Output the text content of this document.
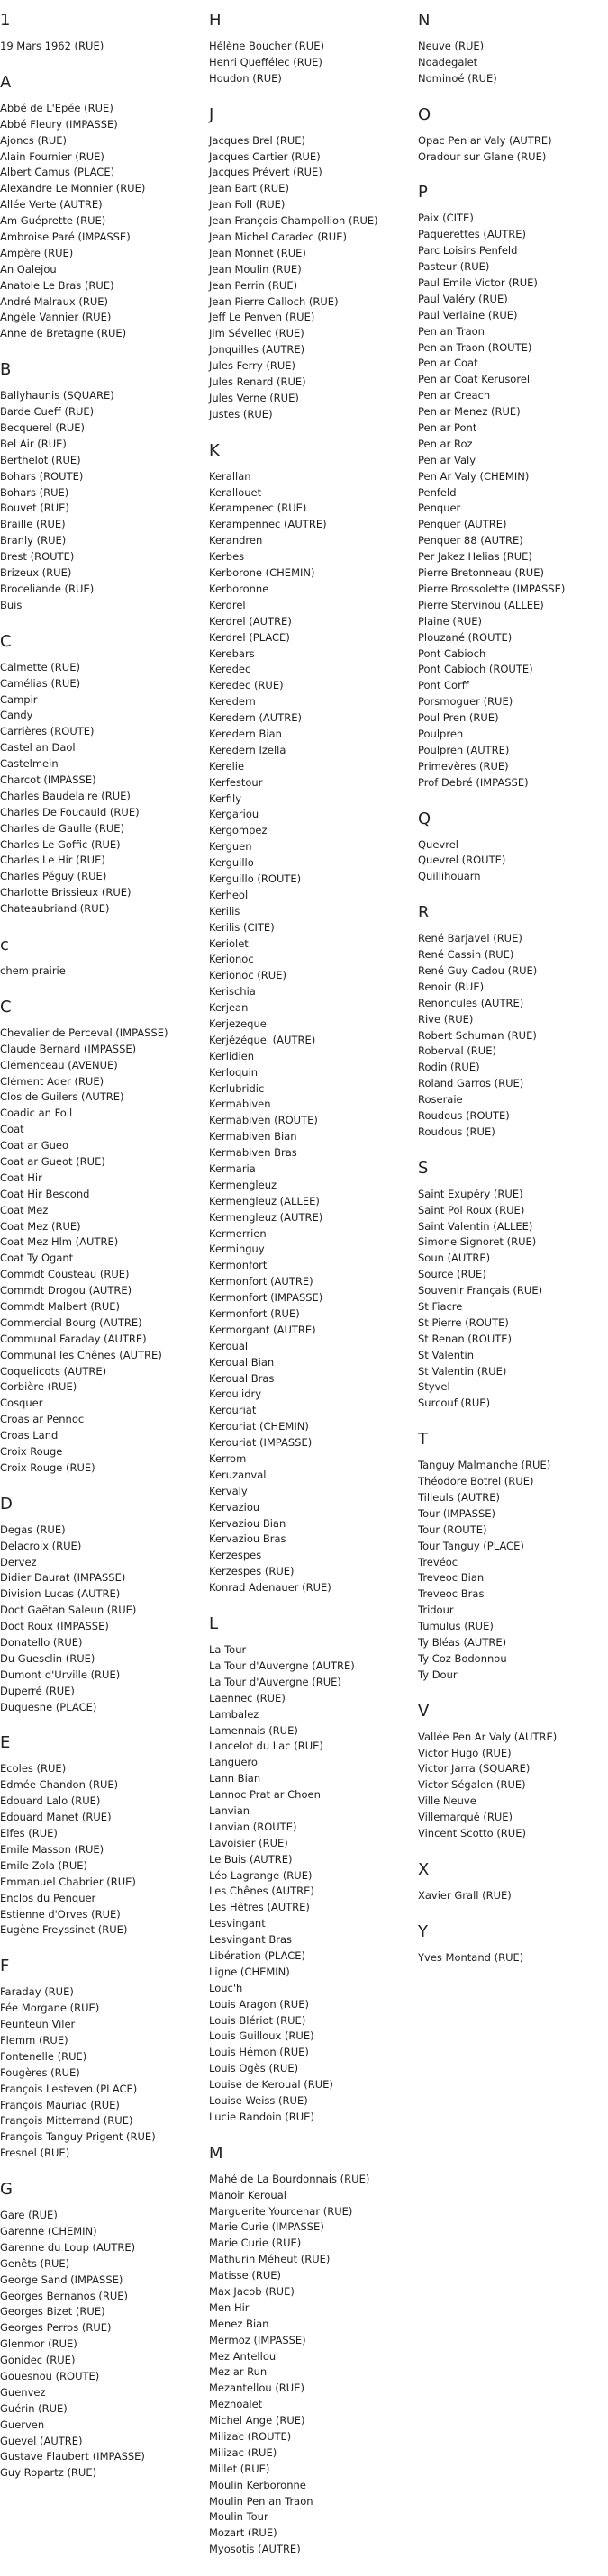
1
19 Mars 1962 (RUE)
A
Abbé de L'Epée (RUE)
Abbé Fleury (IMPASSE)
Ajoncs (RUE)
Alain Fournier (RUE)
Albert Camus (PLACE)
Alexandre Le Monnier (RUE)
Allée Verte (AUTRE)
Am Guéprette (RUE)
Ambroise Paré (IMPASSE)
Ampère (RUE)
An Oalejou
Anatole Le Bras (RUE)
André Malraux (RUE)
Angèle Vannier (RUE)
Anne de Bretagne (RUE)
B
Ballyhaunis (SQUARE)
Barde Cueff (RUE)
Becquerel (RUE)
Bel Air (RUE)
Berthelot (RUE)
Bohars (ROUTE)
Bohars (RUE)
Bouvet (RUE)
Braille (RUE)
Branly (RUE)
Brest (ROUTE)
Brizeux (RUE)
Broceliande (RUE)
Buis
C
Calmette (RUE)
Camélias (RUE)
Campir
Candy
Carrières (ROUTE)
Castel an Daol
Castelmein
Charcot (IMPASSE)
Charles Baudelaire (RUE)
Charles De Foucauld (RUE)
Charles de Gaulle (RUE)
Charles Le Goffic (RUE)
Charles Le Hir (RUE)
Charles Péguy (RUE)
Charlotte Brissieux (RUE)
Chateaubriand (RUE)
c
chem prairie
C
Chevalier de Perceval (IMPASSE)
Claude Bernard (IMPASSE)
Clémenceau (AVENUE)
Clément Ader (RUE)
Clos de Guilers (AUTRE)
Coadic an Foll
Coat
Coat ar Gueo
Coat ar Gueot (RUE)
Coat Hir
Coat Hir Bescond
Coat Mez
Coat Mez (RUE)
Coat Mez Hlm (AUTRE)
Coat Ty Ogant
Commdt Cousteau (RUE)
Commdt Drogou (AUTRE)
Commdt Malbert (RUE)
Commercial Bourg (AUTRE)
Communal Faraday (AUTRE)
Communal les Chênes (AUTRE)
Coquelicots (AUTRE)
Corbière (RUE)
Cosquer
Croas ar Pennoc
Croas Land
Croix Rouge
Croix Rouge (RUE)
D
Degas (RUE)
Delacroix (RUE)
Dervez
Didier Daurat (IMPASSE)
Division Lucas (AUTRE)
Doct Gaëtan Saleun (RUE)
Doct Roux (IMPASSE)
Donatello (RUE)
Du Guesclin (RUE)
Dumont d'Urville (RUE)
Duperré (RUE)
Duquesne (PLACE)
E
Ecoles (RUE)
Edmée Chandon (RUE)
Edouard Lalo (RUE)
Edouard Manet (RUE)
Elfes (RUE)
Emile Masson (RUE)
Emile Zola (RUE)
Emmanuel Chabrier (RUE)
Enclos du Penquer
Estienne d'Orves (RUE)
Eugène Freyssinet (RUE)
F
Faraday (RUE)
Fée Morgane (RUE)
Feunteun Viler
Flemm (RUE)
Fontenelle (RUE)
Fougères (RUE)
François Lesteven (PLACE)
François Mauriac (RUE)
François Mitterrand (RUE)
François Tanguy Prigent (RUE)
Fresnel (RUE)
G
Gare (RUE)
Garenne (CHEMIN)
Garenne du Loup (AUTRE)
Genêts (RUE)
George Sand (IMPASSE)
Georges Bernanos (RUE)
Georges Bizet (RUE)
Georges Perros (RUE)
Glenmor (RUE)
Gonidec (RUE)
Gouesnou (ROUTE)
Guenvez
Guérin (RUE)
Guerven
Guevel (AUTRE)
Gustave Flaubert (IMPASSE)
Guy Ropartz (RUE)
H
Hélène Boucher (RUE)
Henri Queffélec (RUE)
Houdon (RUE)
J
Jacques Brel (RUE)
Jacques Cartier (RUE)
Jacques Prévert (RUE)
Jean Bart (RUE)
Jean Foll (RUE)
Jean François Champollion (RUE)
Jean Michel Caradec (RUE)
Jean Monnet (RUE)
Jean Moulin (RUE)
Jean Perrin (RUE)
Jean Pierre Calloch (RUE)
Jeff Le Penven (RUE)
Jim Sévellec (RUE)
Jonquilles (AUTRE)
Jules Ferry (RUE)
Jules Renard (RUE)
Jules Verne (RUE)
Justes (RUE)
K
Kerallan
Kerallouet
Kerampenec (RUE)
Kerampennec (AUTRE)
Kerandren
Kerbes
Kerborone (CHEMIN)
Kerboronne
Kerdrel
Kerdrel (AUTRE)
Kerdrel (PLACE)
Kerebars
Keredec
Keredec (RUE)
Keredern
Keredern (AUTRE)
Keredern Bian
Keredern Izella
Kerelie
Kerfestour
Kerfily
Kergariou
Kergompez
Kerguen
Kerguillo
Kerguillo (ROUTE)
Kerheol
Kerilis
Kerilis (CITE)
Keriolet
Kerionoc
Kerionoc (RUE)
Kerischia
Kerjean
Kerjezequel
Kerjézéquel (AUTRE)
Kerlidien
Kerloquin
Kerlubridic
Kermabiven
Kermabiven (ROUTE)
Kermabiven Bian
Kermabiven Bras
Kermaria
Kermengleuz
Kermengleuz (ALLEE)
Kermengleuz (AUTRE)
Kermerrien
Kerminguy
Kermonfort
Kermonfort (AUTRE)
Kermonfort (IMPASSE)
Kermonfort (RUE)
Kermorgant (AUTRE)
Keroual
Keroual Bian
Keroual Bras
Keroulidry
Kerouriat
Kerouriat (CHEMIN)
Kerouriat (IMPASSE)
Kerrom
Keruzanval
Kervaly
Kervaziou
Kervaziou Bian
Kervaziou Bras
Kerzespes
Kerzespes (RUE)
Konrad Adenauer (RUE)
L
La Tour
La Tour d'Auvergne (AUTRE)
La Tour d'Auvergne (RUE)
Laennec (RUE)
Lambalez
Lamennais (RUE)
Lancelot du Lac (RUE)
Languero
Lann Bian
Lannoc Prat ar Choen
Lanvian
Lanvian (ROUTE)
Lavoisier (RUE)
Le Buis (AUTRE)
Léo Lagrange (RUE)
Les Chênes (AUTRE)
Les Hêtres (AUTRE)
Lesvingant
Lesvingant Bras
Libération (PLACE)
Ligne (CHEMIN)
Louc'h
Louis Aragon (RUE)
Louis Blériot (RUE)
Louis Guilloux (RUE)
Louis Hémon (RUE)
Louis Ogès (RUE)
Louise de Keroual (RUE)
Louise Weiss (RUE)
Lucie Randoin (RUE)
M
Mahé de La Bourdonnais (RUE)
Manoir Keroual
Marguerite Yourcenar (RUE)
Marie Curie (IMPASSE)
Marie Curie (RUE)
Mathurin Méheut (RUE)
Matisse (RUE)
Max Jacob (RUE)
Men Hir
Menez Bian
Mermoz (IMPASSE)
Mez Antellou
Mez ar Run
Mezantellou (RUE)
Meznoalet
Michel Ange (RUE)
Milizac (ROUTE)
Milizac (RUE)
Millet (RUE)
Moulin Kerboronne
Moulin Pen an Traon
Moulin Tour
Mozart (RUE)
Myosotis (AUTRE)
N
Neuve (RUE)
Noadegalet
Nominoé (RUE)
O
Opac Pen ar Valy (AUTRE)
Oradour sur Glane (RUE)
P
Paix (CITE)
Paquerettes (AUTRE)
Parc Loisirs Penfeld
Pasteur (RUE)
Paul Emile Victor (RUE)
Paul Valéry (RUE)
Paul Verlaine (RUE)
Pen an Traon
Pen an Traon (ROUTE)
Pen ar Coat
Pen ar Coat Kerusorel
Pen ar Creach
Pen ar Menez (RUE)
Pen ar Pont
Pen ar Roz
Pen ar Valy
Pen Ar Valy (CHEMIN)
Penfeld
Penquer
Penquer (AUTRE)
Penquer 88 (AUTRE)
Per Jakez Helias (RUE)
Pierre Bretonneau (RUE)
Pierre Brossolette (IMPASSE)
Pierre Stervinou (ALLEE)
Plaine (RUE)
Plouzané (ROUTE)
Pont Cabioch
Pont Cabioch (ROUTE)
Pont Corff
Porsmoguer (RUE)
Poul Pren (RUE)
Poulpren
Poulpren (AUTRE)
Primevères (RUE)
Prof Debré (IMPASSE)
Q
Quevrel
Quevrel (ROUTE)
Quillihouarn
R
René Barjavel (RUE)
René Cassin (RUE)
René Guy Cadou (RUE)
Renoir (RUE)
Renoncules (AUTRE)
Rive (RUE)
Robert Schuman (RUE)
Roberval (RUE)
Rodin (RUE)
Roland Garros (RUE)
Roseraie
Roudous (ROUTE)
Roudous (RUE)
S
Saint Exupéry (RUE)
Saint Pol Roux (RUE)
Saint Valentin (ALLEE)
Simone Signoret (RUE)
Soun (AUTRE)
Source (RUE)
Souvenir Français (RUE)
St Fiacre
St Pierre (ROUTE)
St Renan (ROUTE)
St Valentin
St Valentin (RUE)
Styvel
Surcouf (RUE)
T
Tanguy Malmanche (RUE)
Théodore Botrel (RUE)
Tilleuls (AUTRE)
Tour (IMPASSE)
Tour (ROUTE)
Tour Tanguy (PLACE)
Trevéoc
Treveoc Bian
Treveoc Bras
Tridour
Tumulus (RUE)
Ty Bléas (AUTRE)
Ty Coz Bodonnou
Ty Dour
V
Vallée Pen Ar Valy (AUTRE)
Victor Hugo (RUE)
Victor Jarra (SQUARE)
Victor Ségalen (RUE)
Ville Neuve
Villemarqué (RUE)
Vincent Scotto (RUE)
X
Xavier Grall (RUE)
Y
Yves Montand (RUE)
